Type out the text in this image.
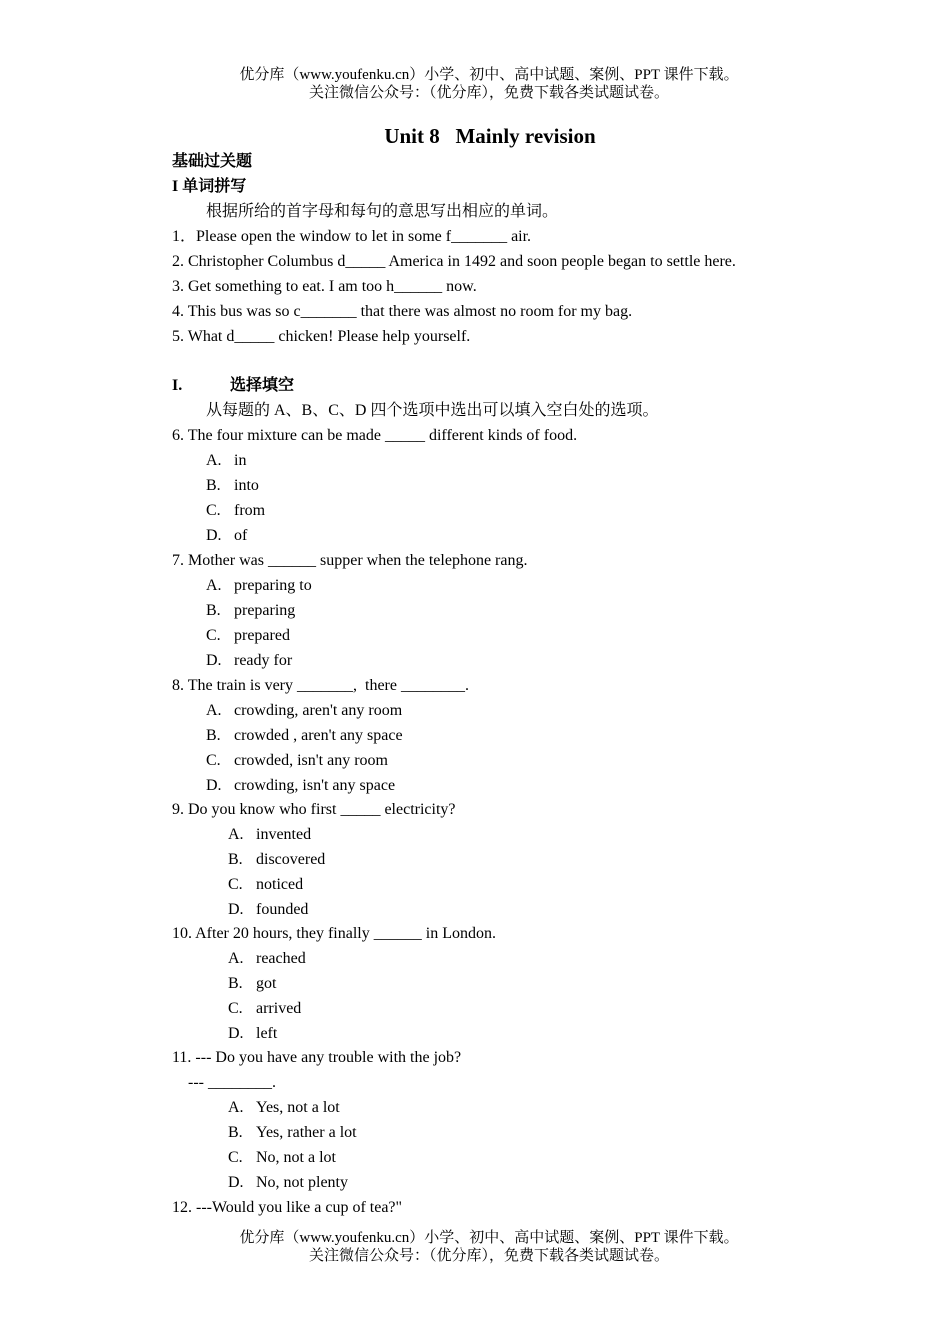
优分库（www.youfenku.cn）小学、初中、高中试题、案例、PPT 课件下载。
关注微信公众号：（优分库），免费下载各类试题试卷。
Unit 8   Mainly revision
基础过关题
I 单词拼写
根据所给的首字母和每句的意思写出相应的单词。
1．Please open the window to let in some f_______ air.
2. Christopher Columbus d_____ America in 1492 and soon people began to settle here.
3. Get something to eat. I am too h______ now.
4. This bus was so c_______ that there was almost no room for my bag.
5. What d_____ chicken! Please help yourself.
I.	选择填空
从每题的 A、B、C、D 四个选项中选出可以填入空白处的选项。
6. The four mixture can be made _____ different kinds of food.
A. in
B. into
C. from
D. of
7. Mother was ______ supper when the telephone rang.
A. preparing to
B. preparing
C. prepared
D. ready for
8. The train is very _______,  there ________.
A. crowding, aren't any room
B. crowded , aren't any space
C. crowded, isn't any room
D. crowding, isn't any space
9. Do you know who first _____ electricity?
A. invented
B. discovered
C. noticed
D. founded
10. After 20 hours, they finally ______ in London.
A. reached
B. got
C. arrived
D. left
11. --- Do you have any trouble with the job?
--- ________.
A. Yes, not a lot
B. Yes, rather a lot
C. No, not a lot
D. No, not plenty
12. ---Would you like a cup of tea?"
优分库（www.youfenku.cn）小学、初中、高中试题、案例、PPT 课件下载。
关注微信公众号：（优分库），免费下载各类试题试卷。
